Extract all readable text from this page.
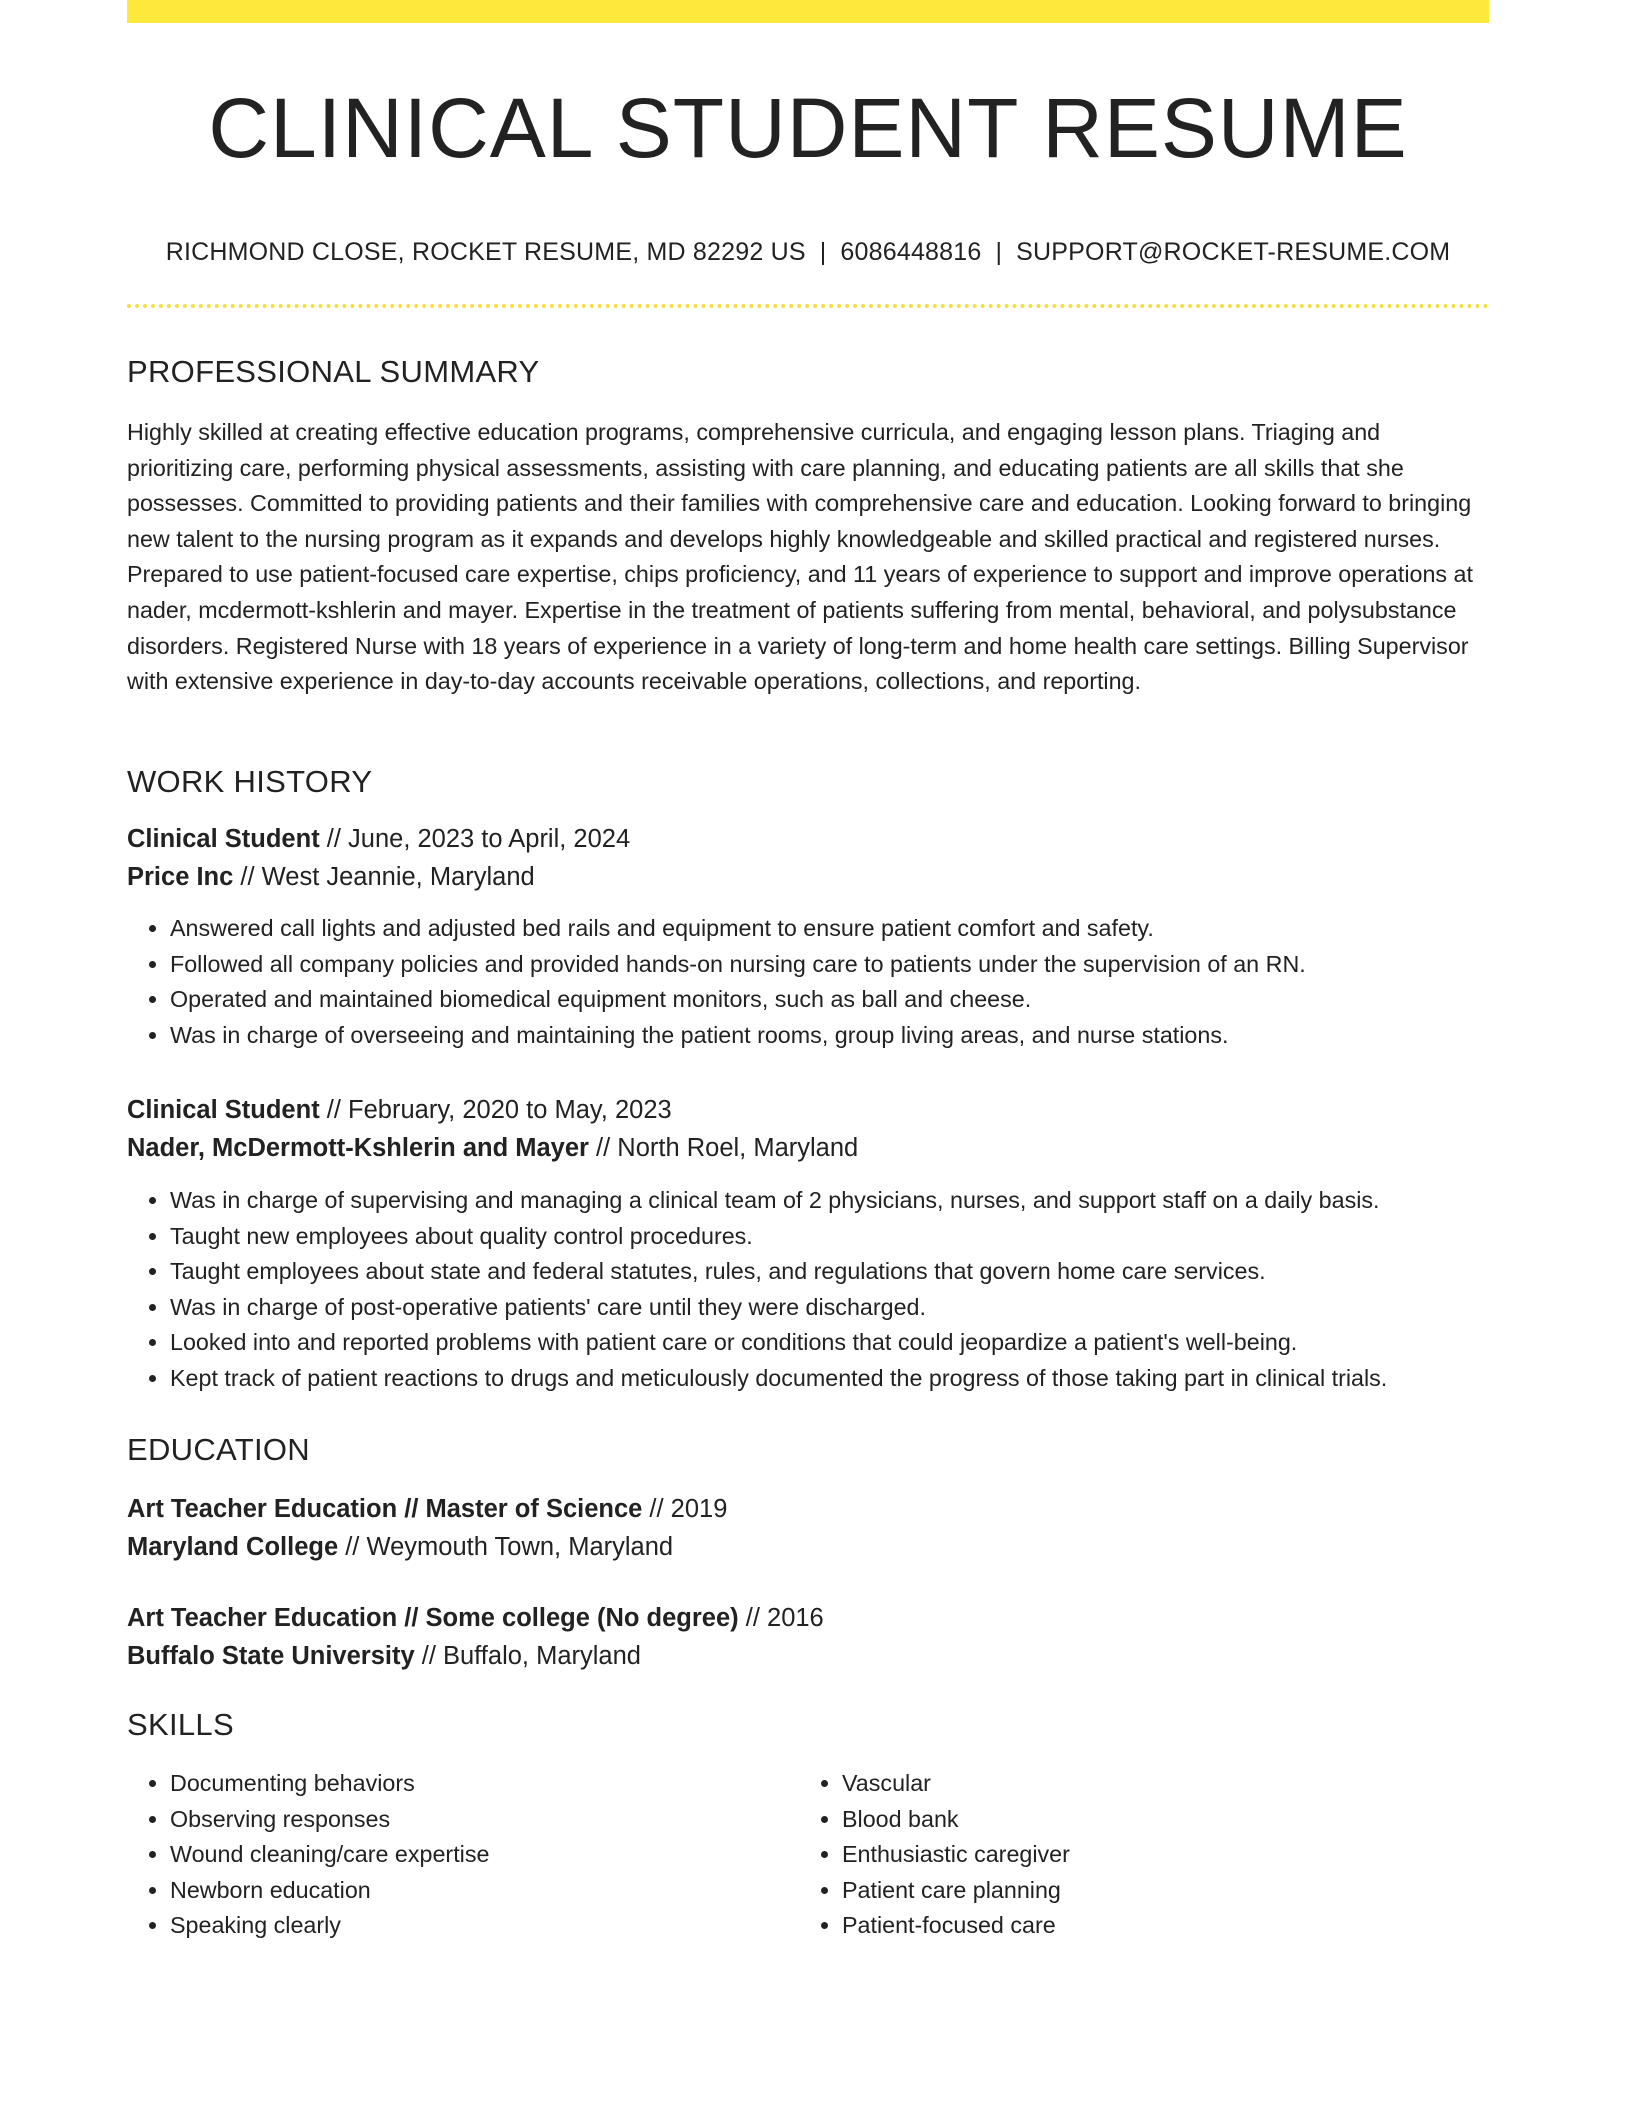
CLINICAL STUDENT RESUME
RICHMOND CLOSE, ROCKET RESUME, MD 82292 US | 6086448816 | SUPPORT@ROCKET-RESUME.COM
PROFESSIONAL SUMMARY
Highly skilled at creating effective education programs, comprehensive curricula, and engaging lesson plans. Triaging and prioritizing care, performing physical assessments, assisting with care planning, and educating patients are all skills that she possesses. Committed to providing patients and their families with comprehensive care and education. Looking forward to bringing new talent to the nursing program as it expands and develops highly knowledgeable and skilled practical and registered nurses. Prepared to use patient-focused care expertise, chips proficiency, and 11 years of experience to support and improve operations at nader, mcdermott-kshlerin and mayer. Expertise in the treatment of patients suffering from mental, behavioral, and polysubstance disorders. Registered Nurse with 18 years of experience in a variety of long-term and home health care settings. Billing Supervisor with extensive experience in day-to-day accounts receivable operations, collections, and reporting.
WORK HISTORY
Clinical Student // June, 2023 to April, 2024
Price Inc // West Jeannie, Maryland
• Answered call lights and adjusted bed rails and equipment to ensure patient comfort and safety.
• Followed all company policies and provided hands-on nursing care to patients under the supervision of an RN.
• Operated and maintained biomedical equipment monitors, such as ball and cheese.
• Was in charge of overseeing and maintaining the patient rooms, group living areas, and nurse stations.
Clinical Student // February, 2020 to May, 2023
Nader, McDermott-Kshlerin and Mayer // North Roel, Maryland
• Was in charge of supervising and managing a clinical team of 2 physicians, nurses, and support staff on a daily basis.
• Taught new employees about quality control procedures.
• Taught employees about state and federal statutes, rules, and regulations that govern home care services.
• Was in charge of post-operative patients' care until they were discharged.
• Looked into and reported problems with patient care or conditions that could jeopardize a patient's well-being.
• Kept track of patient reactions to drugs and meticulously documented the progress of those taking part in clinical trials.
EDUCATION
Art Teacher Education // Master of Science // 2019
Maryland College // Weymouth Town, Maryland
Art Teacher Education // Some college (No degree) // 2016
Buffalo State University // Buffalo, Maryland
SKILLS
• Documenting behaviors
• Observing responses
• Wound cleaning/care expertise
• Newborn education
• Speaking clearly
• Vascular
• Blood bank
• Enthusiastic caregiver
• Patient care planning
• Patient-focused care
